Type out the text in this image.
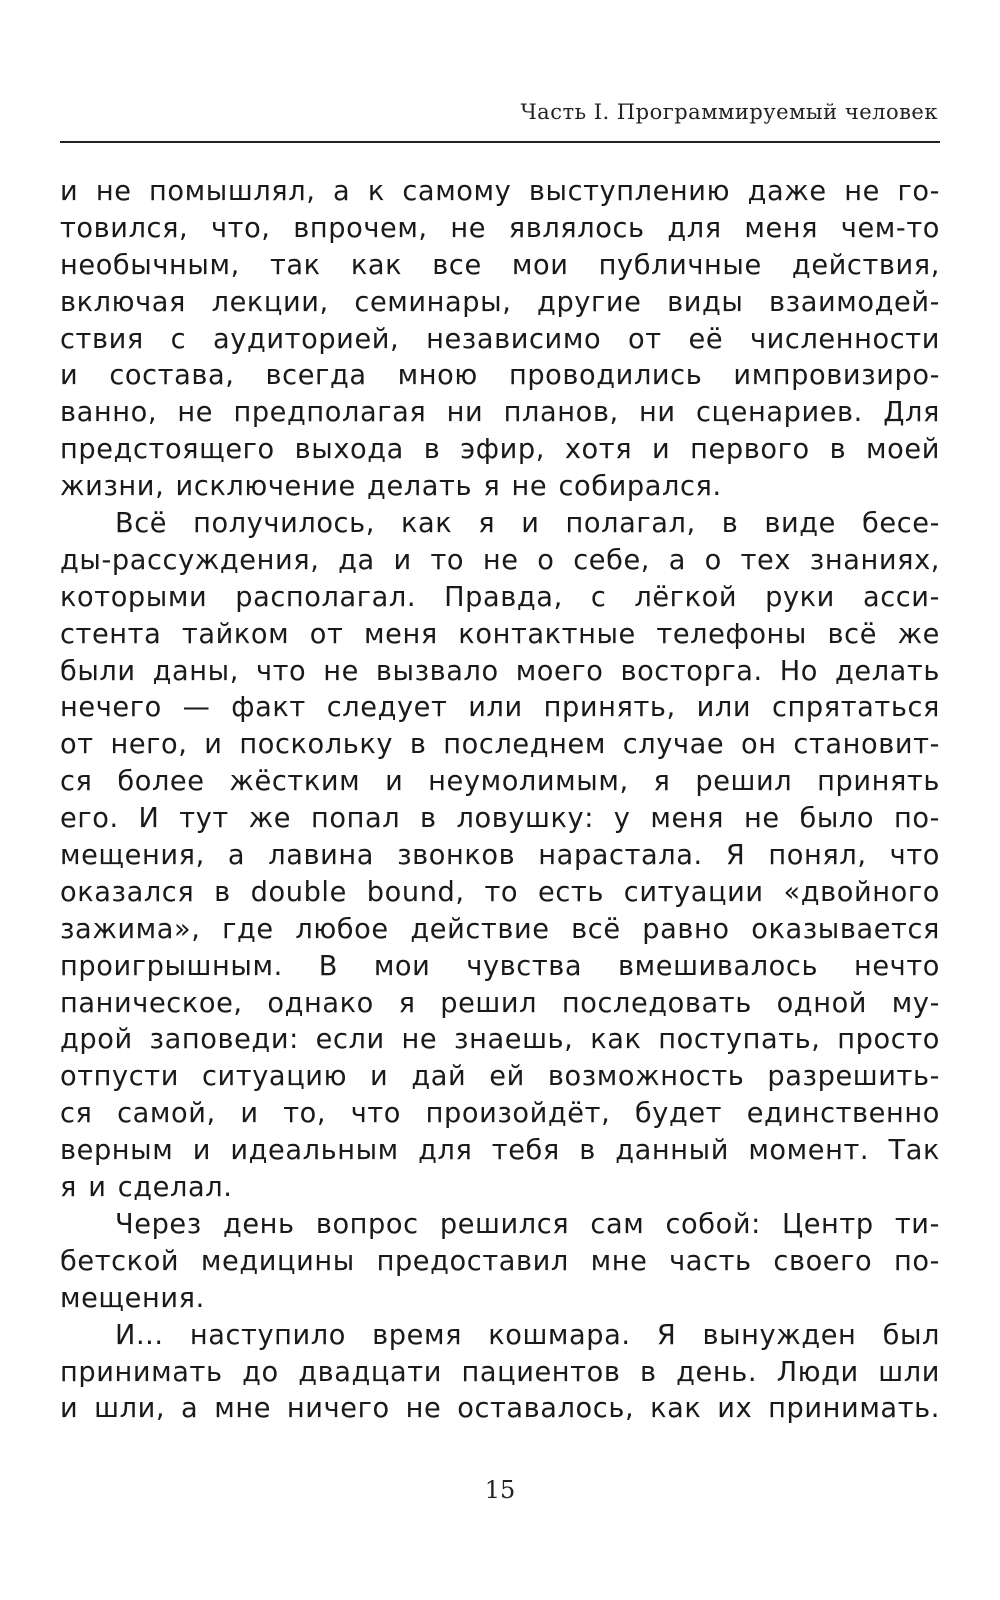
Часть I. Программируемый человек
и не помышлял, а к самому выступлению даже не го-
товился, что, впрочем, не являлось для меня чем-то
необычным, так как все мои публичные действия,
включая лекции, семинары, другие виды взаимодей-
ствия с аудиторией, независимо от её численности
и состава, всегда мною проводились импровизиро-
ванно, не предполагая ни планов, ни сценариев. Для
предстоящего выхода в эфир, хотя и первого в моей
жизни, исключение делать я не собирался.
Всё получилось, как я и полагал, в виде бесе-
ды-рассуждения, да и то не о себе, а о тех знаниях,
которыми располагал. Правда, с лёгкой руки асси-
стента тайком от меня контактные телефоны всё же
были даны, что не вызвало моего восторга. Но делать
нечего — факт следует или принять, или спрятаться
от него, и поскольку в последнем случае он становит-
ся более жёстким и неумолимым, я решил принять
его. И тут же попал в ловушку: у меня не было по-
мещения, а лавина звонков нарастала. Я понял, что
оказался в double bound, то есть ситуации «двойного
зажима», где любое действие всё равно оказывается
проигрышным. В мои чувства вмешивалось нечто
паническое, однако я решил последовать одной му-
дрой заповеди: если не знаешь, как поступать, просто
отпусти ситуацию и дай ей возможность разрешить-
ся самой, и то, что произойдёт, будет единственно
верным и идеальным для тебя в данный момент. Так
я и сделал.
Через день вопрос решился сам собой: Центр ти-
бетской медицины предоставил мне часть своего по-
мещения.
И... наступило время кошмара. Я вынужден был
принимать до двадцати пациентов в день. Люди шли
и шли, а мне ничего не оставалось, как их принимать.
15
